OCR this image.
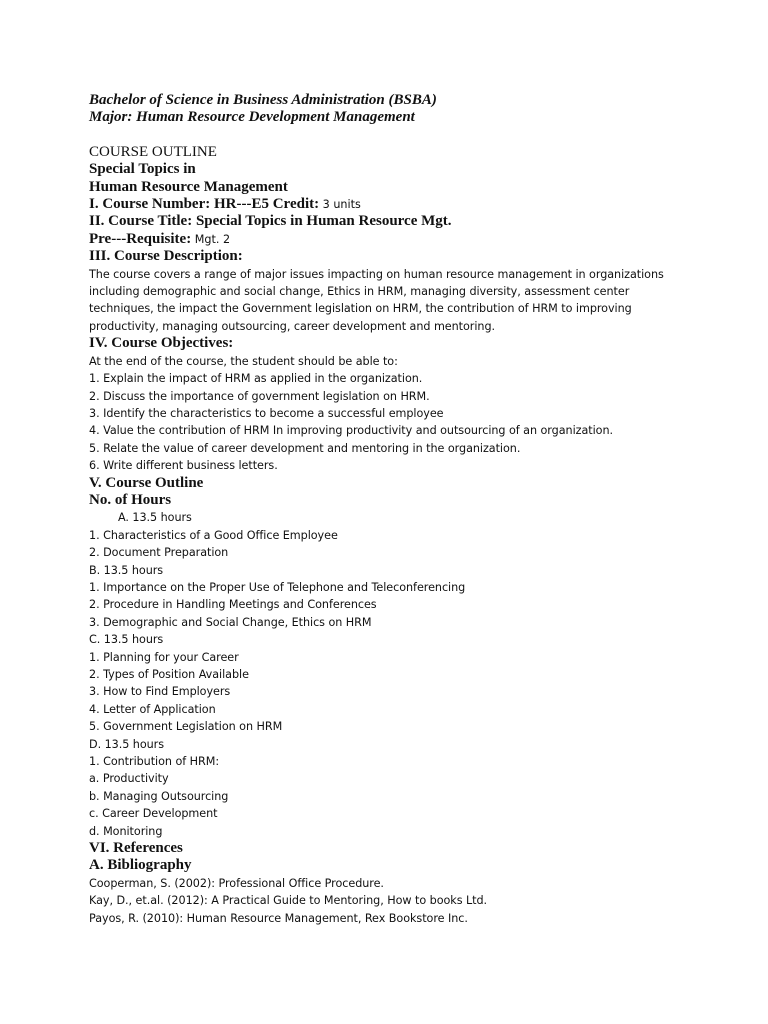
Bachelor of Science in Business Administration (BSBA)
Major: Human Resource Development Management
COURSE OUTLINE
Special Topics in
Human Resource Management
I. Course Number: HR---E5 Credit: 3 units
II. Course Title: Special Topics in Human Resource Mgt.
Pre---Requisite: Mgt. 2
III. Course Description:
The course covers a range of major issues impacting on human resource management in organizations
including demographic and social change, Ethics in HRM, managing diversity, assessment center
techniques, the impact the Government legislation on HRM, the contribution of HRM to improving
productivity, managing outsourcing, career development and mentoring.
IV. Course Objectives:
At the end of the course, the student should be able to:
1. Explain the impact of HRM as applied in the organization.
2. Discuss the importance of government legislation on HRM.
3. Identify the characteristics to become a successful employee
4. Value the contribution of HRM In improving productivity and outsourcing of an organization.
5. Relate the value of career development and mentoring in the organization.
6. Write different business letters.
V. Course Outline
No. of Hours
A. 13.5 hours
1. Characteristics of a Good Office Employee
2. Document Preparation
B. 13.5 hours
1. Importance on the Proper Use of Telephone and Teleconferencing
2. Procedure in Handling Meetings and Conferences
3. Demographic and Social Change, Ethics on HRM
C. 13.5 hours
1. Planning for your Career
2. Types of Position Available
3. How to Find Employers
4. Letter of Application
5. Government Legislation on HRM
D. 13.5 hours
1. Contribution of HRM:
a. Productivity
b. Managing Outsourcing
c. Career Development
d. Monitoring
VI. References
A. Bibliography
Cooperman, S. (2002): Professional Office Procedure.
Kay, D., et.al. (2012): A Practical Guide to Mentoring, How to books Ltd.
Payos, R. (2010): Human Resource Management, Rex Bookstore Inc.
